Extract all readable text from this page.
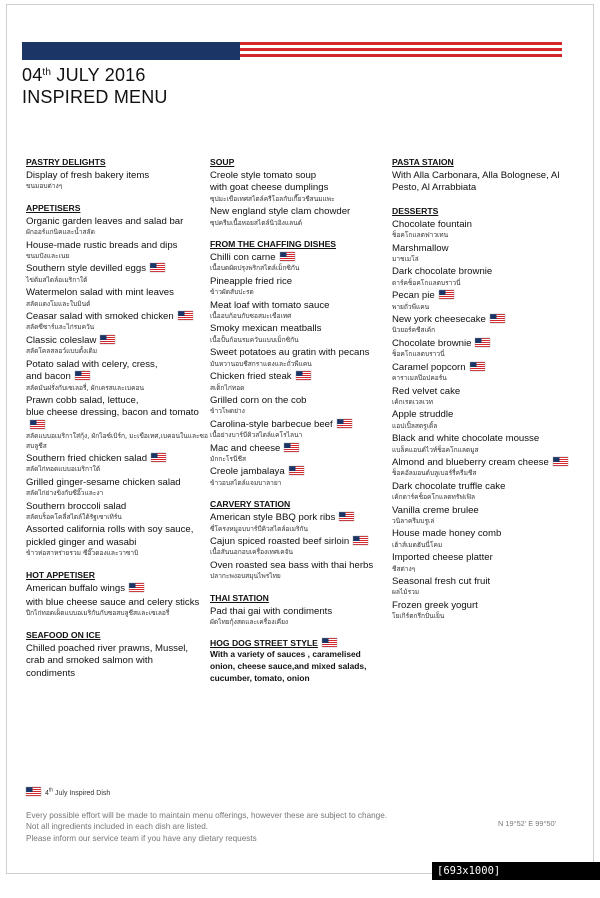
04th JULY 2016
INSPIRED MENU
PASTRY DELIGHTS
Display of fresh bakery items
ขนมอบต่างๆ
APPETISERS
Organic garden leaves and salad bar
ผักออร์แกนิคและน้ำสลัด
House-made rustic breads and dips
ขนมปังและเนย
Southern style devilled eggs
ไข่ต้มสไตล์อเมริกาใต้
Watermelon salad with mint leaves
สลัดแตงโมและใบมินต์
Ceasar salad with smoked chicken
สลัดซีซาร์และไก่รมควัน
Classic coleslaw
สลัดโคลสลอว์แบบดั้งเดิม
Potato salad with celery, cress,
and bacon
สลัดมันฝรั่งกับเซเลอรี่, ผักเครสและเบคอน
Prawn cobb salad, lettuce,
blue cheese dressing, bacon and tomato
สลัดแบบอเมริกาใส่กุ้ง, ผักไอซ์เบิร์ก, มะเขือเทศ,เบคอนในและซอสบลูชีส
Southern fried chicken salad
สลัดไก่ทอดแบบอเมริกาใต้
Grilled ginger-sesame chicken salad
สลัดไก่ย่างขิงกับซีอิ๊วและงา
Southern broccoli salad
สลัดบร็อคโคลี่สไตล์ใต้รัฐเซาเทิร์น
Assorted california rolls with soy sauce,
pickled ginger and wasabi
ข้าวห่อสาหร่ายรวม ซีอิ๊วดองและวาซาบิ
HOT APPETISER
American buffalo wings
with blue cheese sauce and celery sticks
ปีกไก่ทอดเผ็ดแบบอเมริกันกับซอสบลูชีสและเซเลอรี่
SEAFOOD ON ICE
Chilled poached river prawns, Mussel,
crab and smoked salmon with
condiments
SOUP
Creole style tomato soup
with goat cheese dumplings
ซุปมะเขือเทศสไตล์ครีโอลกับเกี๊ยวชีสนมแพะ
New england style clam chowder
ซุปครีมเนื้อหอยสไตล์นิวอิงแลนด์
FROM THE CHAFFING DISHES
Chilli con carne
เนื้อบดผัดปรุงพริกสไตล์เม็กซิกัน
Pineapple fried rice
ข้าวผัดสับปะรด
Meat loaf with tomato sauce
เนื้ออบก้อนกับซอสมะเขือเทศ
Smoky mexican meatballs
เนื้อปั้นก้อนรมควันแบบเม็กซิกัน
Sweet potatoes au gratin with pecans
มันหวานอบชีสกราแตงและถั่วพีแคน
Chicken fried steak
สเต็กไก่ทอด
Grilled corn on the cob
ข้าวโพดย่าง
Carolina-style barbecue beef
เนื้อย่างบาร์บีคิวสไตล์แคโรไลนา
Mac and cheese
มักกะโรนีชีส
Creole jambalaya
ข้าวอบสไตล์แจมบาลายา
CARVERY STATION
American style BBQ pork ribs
ซี่โครงหมูอบบาร์บีคิวสไตล์อเมริกัน
Cajun spiced roasted beef sirloin
เนื้อสันนอกอบเครื่องเทศเคจัน
Oven roasted sea bass with thai herbs
ปลากะพงอบสมุนไพรไทย
THAI STATION
Pad thai gai with condiments
ผัดไทยกุ้งสดและเครื่องเคียง
HOG DOG STREET STYLE
With a variety of sauces , caramelised
onion, cheese sauce,and mixed salads,
cucumber, tomato, onion
PASTA STAION
With Alla Carbonara, Alla Bolognese, Al
Pesto, Al Arrabbiata
DESSERTS
Chocolate fountain
ช็อคโกแลตฟาวเทน
Marshmallow
มาชเมโล่
Dark chocolate brownie
ดาร์คช็อคโกแลตบราวนี่
Pecan pie
พายถั่วพีแคน
New york cheesecake
นิวยอร์คชีสเค้ก
Chocolate brownie
ช็อคโกแลตบราวนี่
Caramel popcorn
คาราเมลป๊อปคอร์น
Red velvet cake
เค้กเรดเวลเวท
Apple struddle
แอปเปิ้ลสตรูเดิ้ล
Black and white chocolate mousse
แบล็คแอนด์ไวท์ช็อคโกแลตมูส
Almond and blueberry cream cheese
ช็อคอัลมอนด์บลูเบอร์รี่ครีมชีส
Dark chocolate truffle cake
เค้กดาร์คช็อคโกแลตทรัฟเฟิล
Vanilla creme brulee
วนิลาครีมบรูเล่
House made honey comb
เฮ้าส์เมดฮันนี่โคม
Imported cheese platter
ชีสต่างๆ
Seasonal fresh cut fruit
ผลไม้รวม
Frozen greek yogurt
โยเกิร์ตกรีกปั่นเย็น
4th July Inspired Dish
Every possible effort will be made to maintain menu offerings, however these are subject to change.
Not all ingredients included in each dish are listed.
Please inform our service team if you have any dietary requests
N 19°52' E 99°50'
[693x1000] https://upic.me/
